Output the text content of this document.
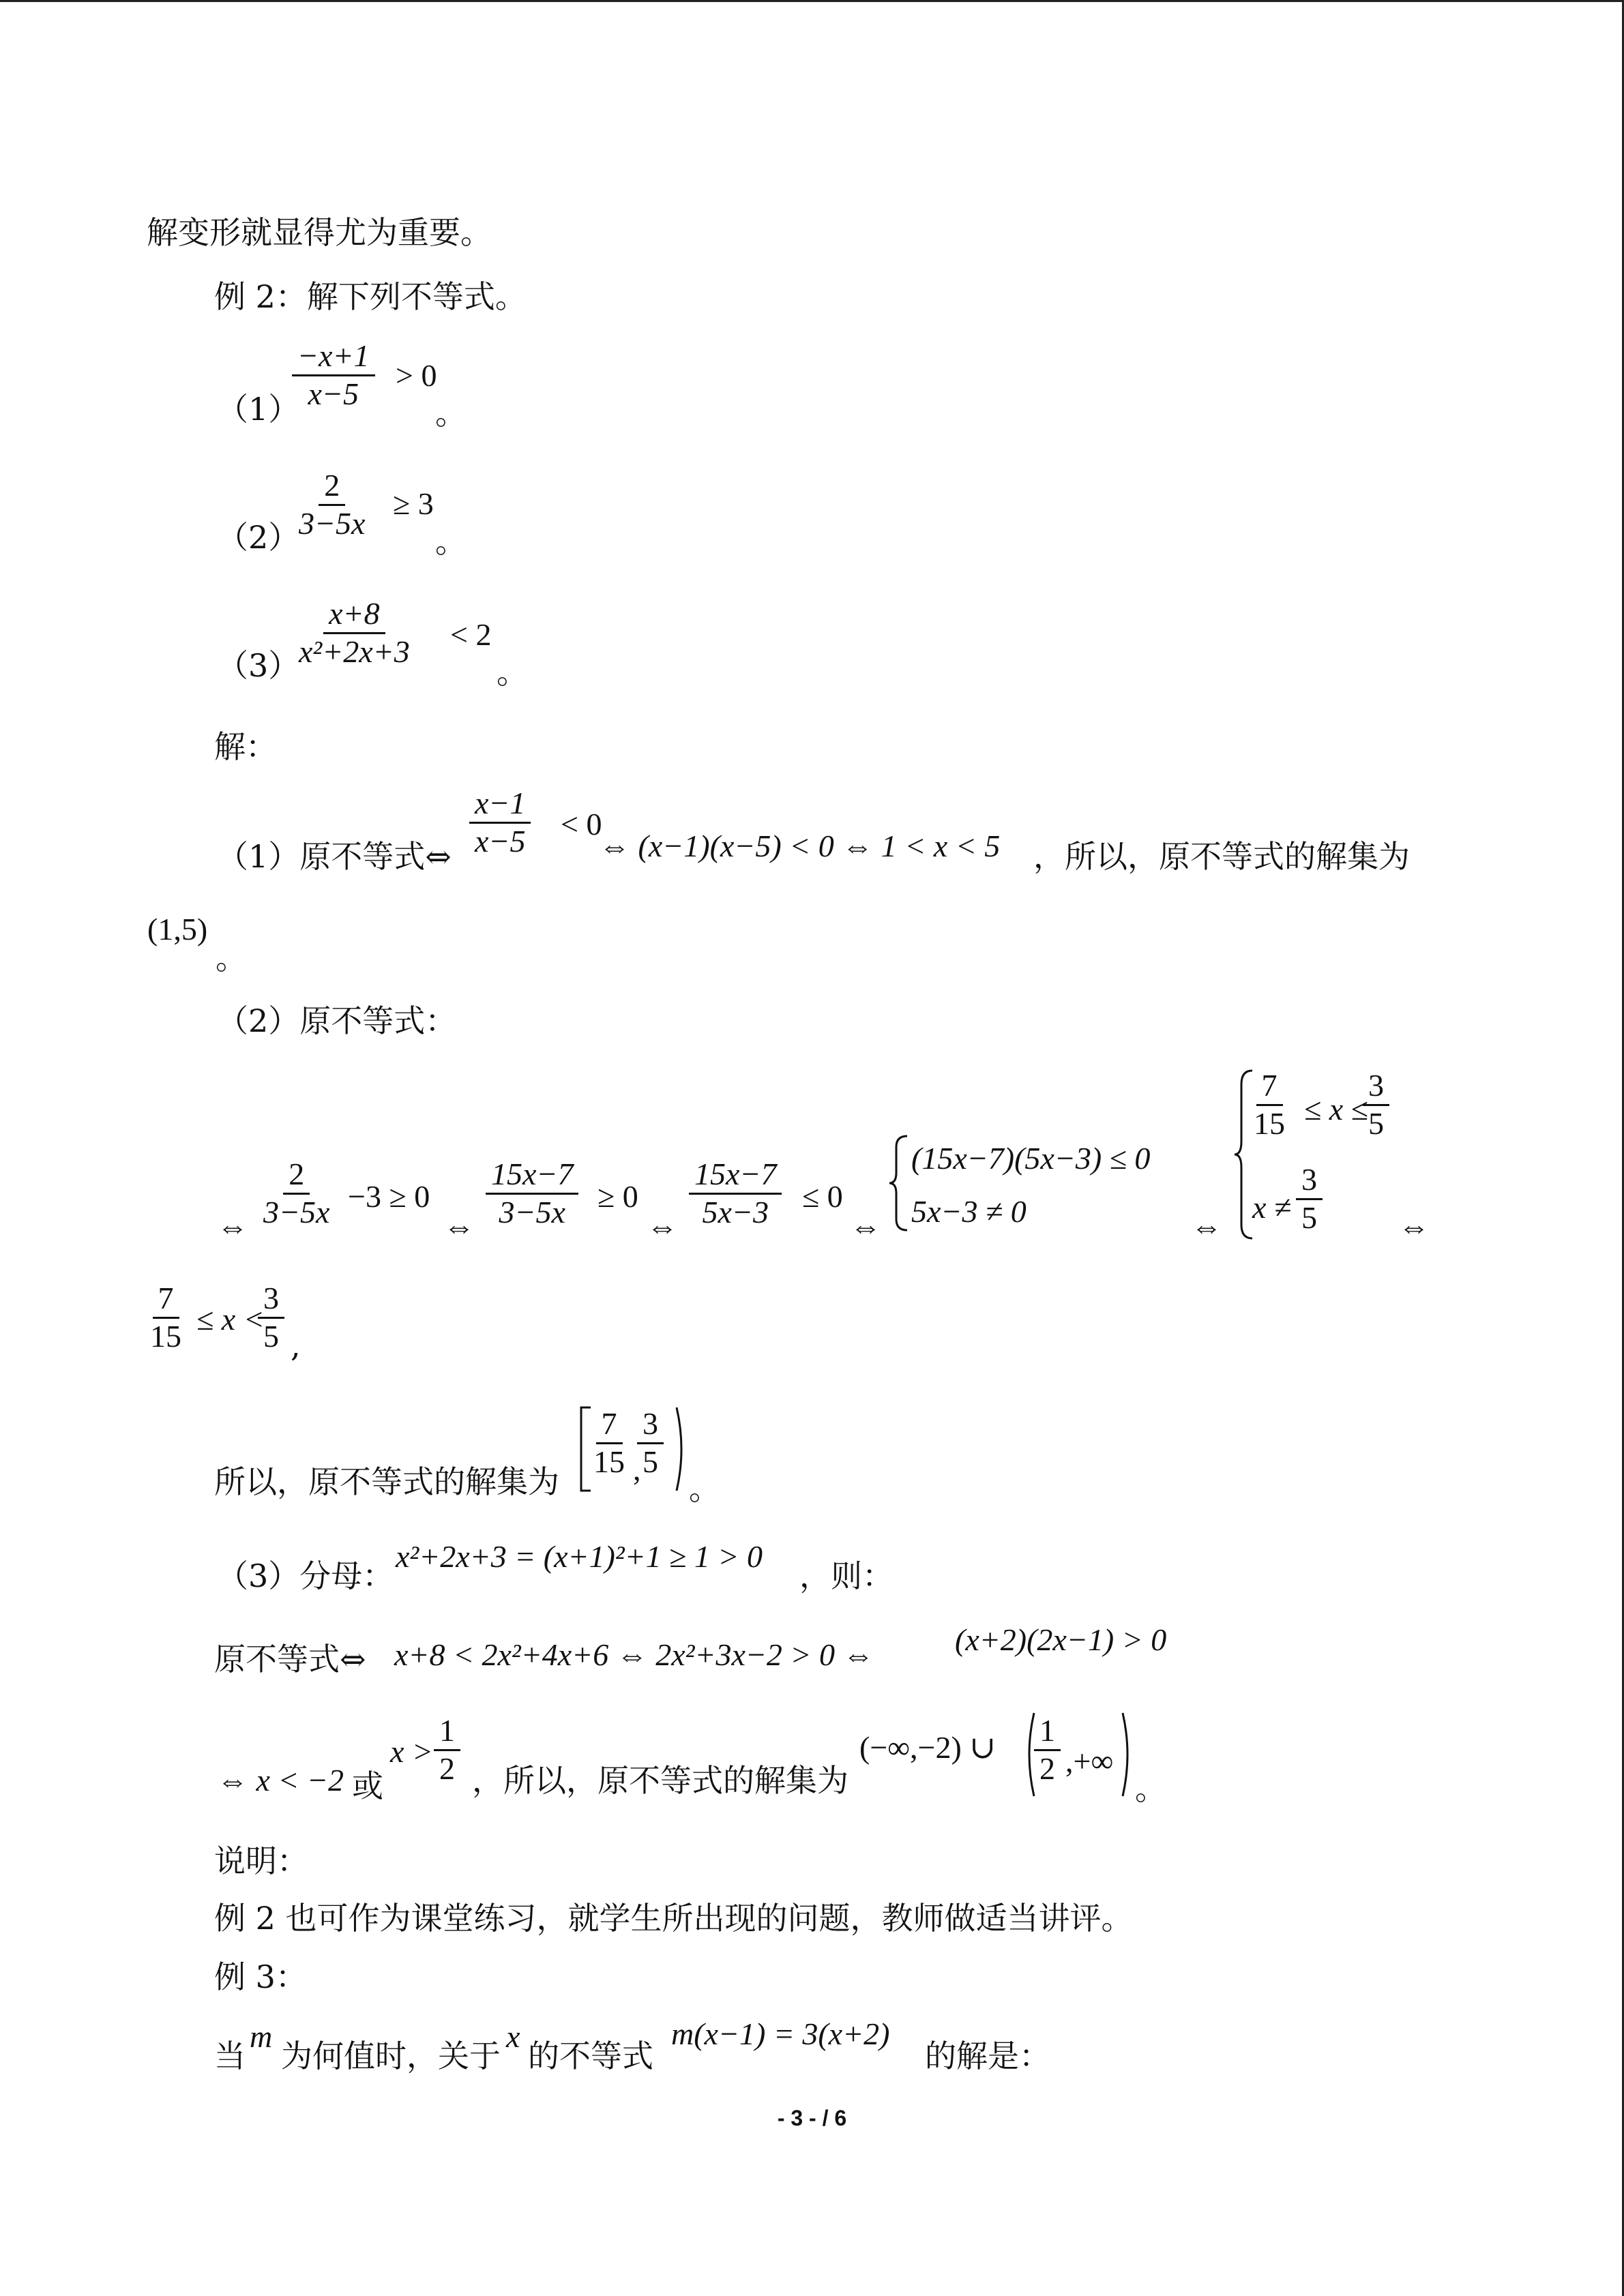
解变形就显得尤为重要。
例 2：解下列不等式。
（1）
$\frac{-x+1}{x-5} > 0$
。
（2）
$\frac{2}{3-5x} \ge 3$
。
（3）
$\frac{x+8}{\text{x²+2x+3}} < 2$
。
解：
（1）原不等式⇔ $\frac{x-1}{x-5} < 0$
⇔ (x−1)(x−5) < 0 ⇔ 1 < x < 5 ，所以，原不等式的解集为
(1,5)
。
（2）原不等式：
⇔ $\frac{2}{3-5x} -3 \ge 0$
⇔ $\frac{15x-7}{3-5x} \ge 0$
⇔ $\frac{15x-7}{5x-3} \le 0$
⇔
(15x−7)(5x−3) ≤ 0
5x−3 ≠ 0	⇔
$\frac{7}{15} \le x$ ≤
$\frac{3}{5}$
$x \ne \frac{3}{5}$ ⇔
$\frac{7}{15} \le x$ <
$\frac{3}{5}$ ,
所以，原不等式的解集为
$\frac{7}{15}$ ,
$\frac{3}{5}$
。
（3）分母：
x²+2x+3 = (x+1)²+1 ≥ 1 > 0
，则：
原不等式⇔ x+8 < 2x²+4x+6 ⇔ 2x²+3x−2 > 0 ⇔	(x+2)(2x−1) > 0
⇔ x < −2 或
$x > \frac{1}{2}$ ，所以，原不等式的解集为
(−∞,−2) ∪ $\frac{1}{2}$ ,+∞
。
说明：
例 2 也可作为课堂练习，就学生所出现的问题，教师做适当讲评。
例 3：
当
m
为何值时，关于
x
的不等式
m(x−1) = 3(x+2)
的解是：
- 3 - / 6
